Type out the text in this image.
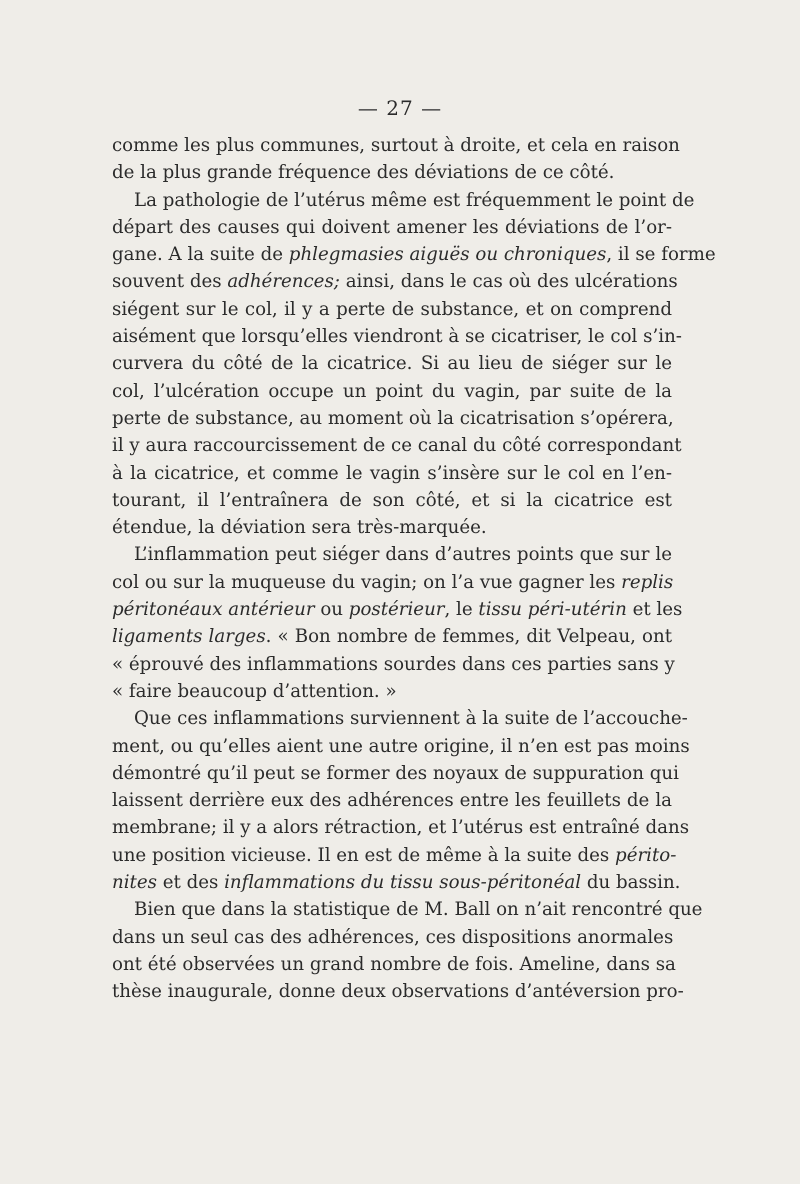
— 27 —
comme les plus communes, surtout à droite, et cela en raison
de la plus grande fréquence des déviations de ce côté.
La pathologie de l’utérus même est fréquemment le point de
départ des causes qui doivent amener les déviations de l’or-
gane. A la suite de phlegmasies aiguës ou chroniques, il se forme
souvent des adhérences; ainsi, dans le cas où des ulcérations
siégent sur le col, il y a perte de substance, et on comprend
aisément que lorsqu’elles viendront à se cicatriser, le col s’in-
curvera du côté de la cicatrice. Si au lieu de siéger sur le
col, l’ulcération occupe un point du vagin, par suite de la
perte de substance, au moment où la cicatrisation s’opérera,
il y aura raccourcissement de ce canal du côté correspondant
à la cicatrice, et comme le vagin s’insère sur le col en l’en-
tourant, il l’entraînera de son côté, et si la cicatrice est
étendue, la déviation sera très-marquée.
L’inflammation peut siéger dans d’autres points que sur le
col ou sur la muqueuse du vagin; on l’a vue gagner les replis
péritonéaux antérieur ou postérieur, le tissu péri-utérin et les
ligaments larges. « Bon nombre de femmes, dit Velpeau, ont
« éprouvé des inflammations sourdes dans ces parties sans y
« faire beaucoup d’attention. »
Que ces inflammations surviennent à la suite de l’accouche-
ment, ou qu’elles aient une autre origine, il n’en est pas moins
démontré qu’il peut se former des noyaux de suppuration qui
laissent derrière eux des adhérences entre les feuillets de la
membrane; il y a alors rétraction, et l’utérus est entraîné dans
une position vicieuse. Il en est de même à la suite des périto-
nites et des inflammations du tissu sous-péritonéal du bassin.
Bien que dans la statistique de M. Ball on n’ait rencontré que
dans un seul cas des adhérences, ces dispositions anormales
ont été observées un grand nombre de fois. Ameline, dans sa
thèse inaugurale, donne deux observations d’antéversion pro-
